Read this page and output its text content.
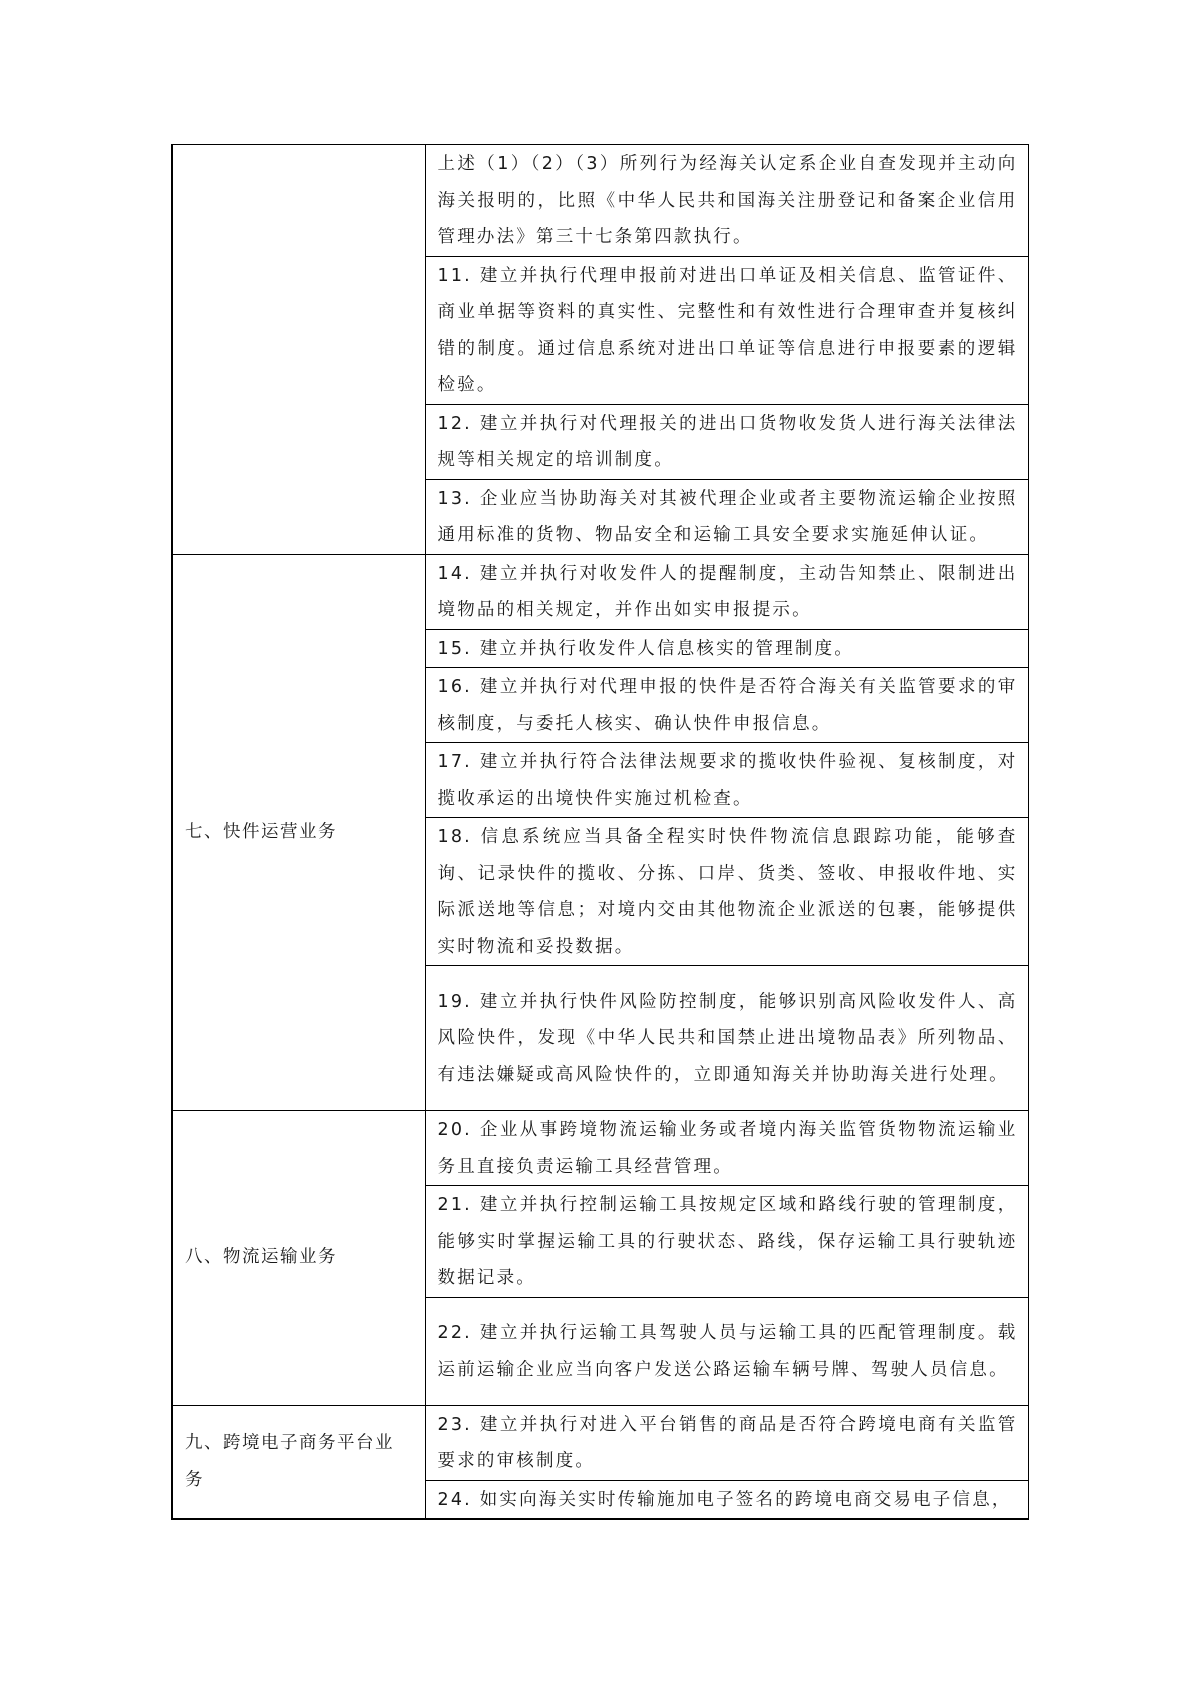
	上述（1）（2）（3）所列行为经海关认定系企业自查发现并主动向海关报明的，比照《中华人民共和国海关注册登记和备案企业信用管理办法》第三十七条第四款执行。
	11. 建立并执行代理申报前对进出口单证及相关信息、监管证件、商业单据等资料的真实性、完整性和有效性进行合理审查并复核纠错的制度。通过信息系统对进出口单证等信息进行申报要素的逻辑检验。
	12. 建立并执行对代理报关的进出口货物收发货人进行海关法律法规等相关规定的培训制度。
	13. 企业应当协助海关对其被代理企业或者主要物流运输企业按照通用标准的货物、物品安全和运输工具安全要求实施延伸认证。
七、快件运营业务	14. 建立并执行对收发件人的提醒制度，主动告知禁止、限制进出境物品的相关规定，并作出如实申报提示。
	15. 建立并执行收发件人信息核实的管理制度。
	16. 建立并执行对代理申报的快件是否符合海关有关监管要求的审核制度，与委托人核实、确认快件申报信息。
	17. 建立并执行符合法律法规要求的揽收快件验视、复核制度，对揽收承运的出境快件实施过机检查。
	18. 信息系统应当具备全程实时快件物流信息跟踪功能，能够查询、记录快件的揽收、分拣、口岸、货类、签收、申报收件地、实际派送地等信息；对境内交由其他物流企业派送的包裹，能够提供实时物流和妥投数据。
	19. 建立并执行快件风险防控制度，能够识别高风险收发件人、高风险快件，发现《中华人民共和国禁止进出境物品表》所列物品、有违法嫌疑或高风险快件的，立即通知海关并协助海关进行处理。
八、物流运输业务	20. 企业从事跨境物流运输业务或者境内海关监管货物物流运输业务且直接负责运输工具经营管理。
	21. 建立并执行控制运输工具按规定区域和路线行驶的管理制度，能够实时掌握运输工具的行驶状态、路线，保存运输工具行驶轨迹数据记录。
	22. 建立并执行运输工具驾驶人员与运输工具的匹配管理制度。载运前运输企业应当向客户发送公路运输车辆号牌、驾驶人员信息。
九、跨境电子商务平台业务	23. 建立并执行对进入平台销售的商品是否符合跨境电商有关监管要求的审核制度。
	24. 如实向海关实时传输施加电子签名的跨境电商交易电子信息，
